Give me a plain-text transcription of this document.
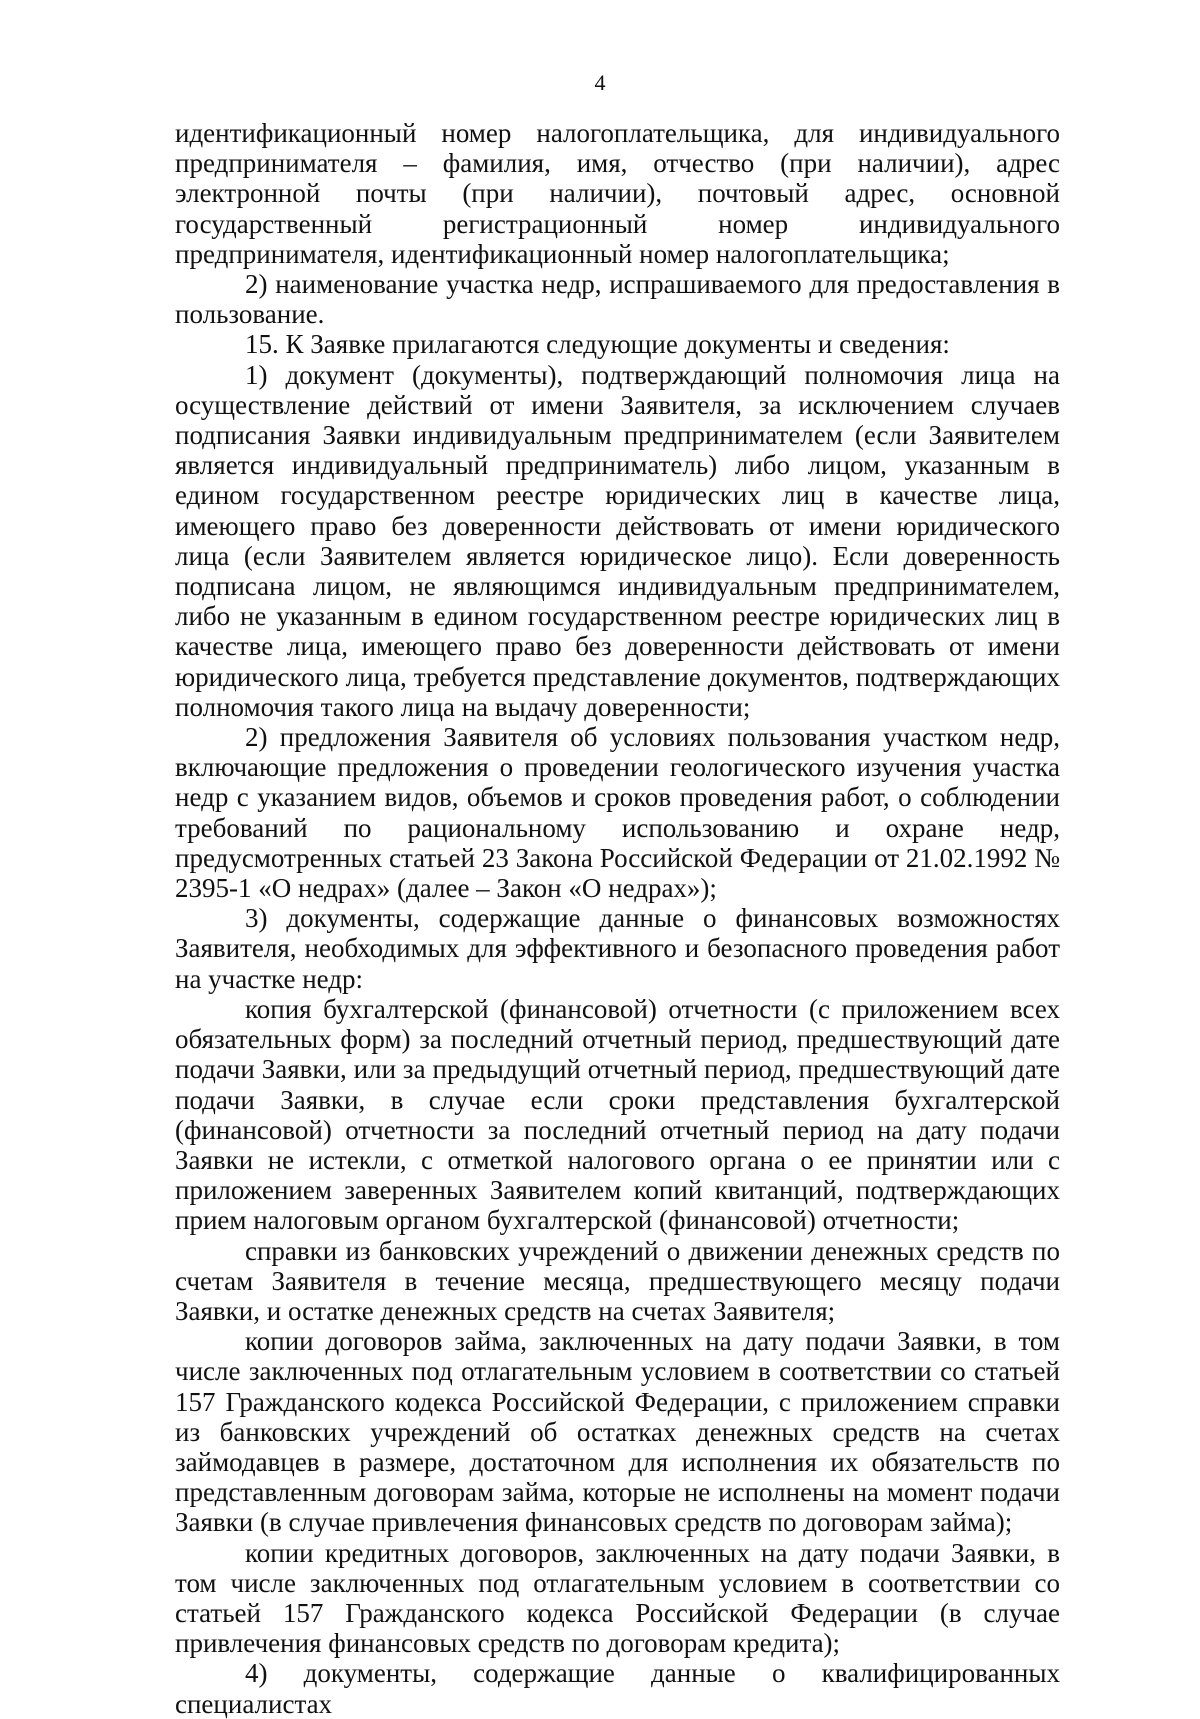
4

идентификационный номер налогоплательщика, для индивидуального предпринимателя – фамилия, имя, отчество (при наличии), адрес электронной почты (при наличии), почтовый адрес, основной государственный регистрационный номер индивидуального предпринимателя, идентификационный номер налогоплательщика;

2) наименование участка недр, испрашиваемого для предоставления в пользование.

15. К Заявке прилагаются следующие документы и сведения:

1) документ (документы), подтверждающий полномочия лица на осуществление действий от имени Заявителя, за исключением случаев подписания Заявки индивидуальным предпринимателем (если Заявителем является индивидуальный предприниматель) либо лицом, указанным в едином государственном реестре юридических лиц в качестве лица, имеющего право без доверенности действовать от имени юридического лица (если Заявителем является юридическое лицо). Если доверенность подписана лицом, не являющимся индивидуальным предпринимателем, либо не указанным в едином государственном реестре юридических лиц в качестве лица, имеющего право без доверенности действовать от имени юридического лица, требуется представление документов, подтверждающих полномочия такого лица на выдачу доверенности;

2) предложения Заявителя об условиях пользования участком недр, включающие предложения о проведении геологического изучения участка недр с указанием видов, объемов и сроков проведения работ, о соблюдении требований по рациональному использованию и охране недр, предусмотренных статьей 23 Закона Российской Федерации от 21.02.1992 № 2395-1 «О недрах» (далее – Закон «О недрах»);

3) документы, содержащие данные о финансовых возможностях Заявителя, необходимых для эффективного и безопасного проведения работ на участке недр:

копия бухгалтерской (финансовой) отчетности (с приложением всех обязательных форм) за последний отчетный период, предшествующий дате подачи Заявки, или за предыдущий отчетный период, предшествующий дате подачи Заявки, в случае если сроки представления бухгалтерской (финансовой) отчетности за последний отчетный период на дату подачи Заявки не истекли, с отметкой налогового органа о ее принятии или с приложением заверенных Заявителем копий квитанций, подтверждающих прием налоговым органом бухгалтерской (финансовой) отчетности;

справки из банковских учреждений о движении денежных средств по счетам Заявителя в течение месяца, предшествующего месяцу подачи Заявки, и остатке денежных средств на счетах Заявителя;

копии договоров займа, заключенных на дату подачи Заявки, в том числе заключенных под отлагательным условием в соответствии со статьей 157 Гражданского кодекса Российской Федерации, с приложением справки из банковских учреждений об остатках денежных средств на счетах займодавцев в размере, достаточном для исполнения их обязательств по представленным договорам займа, которые не исполнены на момент подачи Заявки (в случае привлечения финансовых средств по договорам займа);

копии кредитных договоров, заключенных на дату подачи Заявки, в том числе заключенных под отлагательным условием в соответствии со статьей 157 Гражданского кодекса Российской Федерации (в случае привлечения финансовых средств по договорам кредита);

4) документы, содержащие данные о квалифицированных специалистах
